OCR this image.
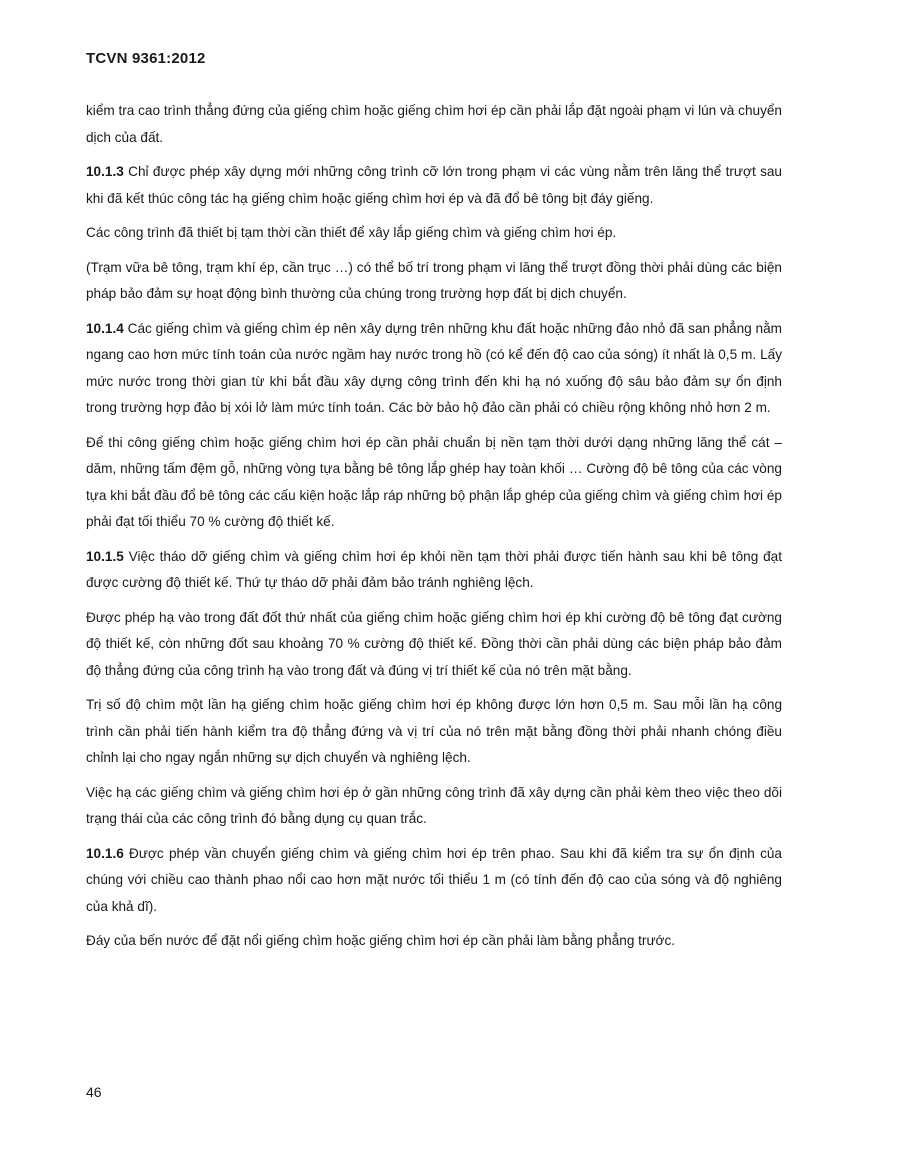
TCVN 9361:2012

kiểm tra cao trình thẳng đứng của giếng chìm hoặc giếng chìm hơi ép cần phải lắp đặt ngoài phạm vi lún và chuyển dịch của đất.

10.1.3 Chỉ được phép xây dựng mới những công trình cỡ lớn trong phạm vi các vùng nằm trên lăng thể trượt sau khi đã kết thúc công tác hạ giếng chìm hoặc giếng chìm hơi ép và đã đổ bê tông bịt đáy giếng.

Các công trình đã thiết bị tạm thời cần thiết để xây lắp giếng chìm và giếng chìm hơi ép.

(Trạm vữa bê tông, trạm khí ép, cần trục …) có thể bố trí trong phạm vi lăng thể trượt đồng thời phải dùng các biện pháp bảo đảm sự hoạt động bình thường của chúng trong trường hợp đất bị dịch chuyển.

10.1.4 Các giếng chìm và giếng chìm ép nên xây dựng trên những khu đất hoặc những đảo nhỏ đã san phẳng nằm ngang cao hơn mức tính toán của nước ngầm hay nước trong hồ (có kể đến độ cao của sóng) ít nhất là 0,5 m. Lấy mức nước trong thời gian từ khi bắt đầu xây dựng công trình đến khi hạ nó xuống độ sâu bảo đảm sự ổn định trong trường hợp đảo bị xói lở làm mức tính toán. Các bờ bảo hộ đảo cần phải có chiều rộng không nhỏ hơn 2 m.

Để thi công giếng chìm hoặc giếng chìm hơi ép cần phải chuẩn bị nền tạm thời dưới dạng những lăng thể cát – dăm, những tấm đệm gỗ, những vòng tựa bằng bê tông lắp ghép hay toàn khối … Cường độ bê tông của các vòng tựa khi bắt đầu đổ bê tông các cấu kiện hoặc lắp ráp những bộ phận lắp ghép của giếng chìm và giếng chìm hơi ép phải đạt tối thiểu 70 % cường độ thiết kế.

10.1.5 Việc tháo dỡ giếng chìm và giếng chìm hơi ép khỏi nền tạm thời phải được tiến hành sau khi bê tông đạt được cường độ thiết kế. Thứ tự tháo dỡ phải đảm bảo tránh nghiêng lệch.

Được phép hạ vào trong đất đốt thứ nhất của giếng chìm hoặc giếng chìm hơi ép khi cường độ bê tông đạt cường độ thiết kế, còn những đốt sau khoảng 70 % cường độ thiết kế. Đồng thời cần phải dùng các biện pháp bảo đảm độ thẳng đứng của công trình hạ vào trong đất và đúng vị trí thiết kế của nó trên mặt bằng.

Trị số độ chìm một lần hạ giếng chìm hoặc giếng chìm hơi ép không được lớn hơn 0,5 m. Sau mỗi lần hạ công trình cần phải tiến hành kiểm tra độ thẳng đứng và vị trí của nó trên mặt bằng đồng thời phải nhanh chóng điều chỉnh lại cho ngay ngắn những sự dịch chuyển và nghiêng lệch.

Việc hạ các giếng chìm và giếng chìm hơi ép ở gần những công trình đã xây dựng cần phải kèm theo việc theo dõi trạng thái của các công trình đó bằng dụng cụ quan trắc.

10.1.6 Được phép vần chuyển giếng chìm và giếng chìm hơi ép trên phao. Sau khi đã kiểm tra sự ổn định của chúng với chiều cao thành phao nổi cao hơn mặt nước tối thiểu 1 m (có tính đến độ cao của sóng và độ nghiêng của khả dĩ).

Đáy của bến nước để đặt nổi giếng chìm hoặc giếng chìm hơi ép cần phải làm bằng phẳng trước.

46
